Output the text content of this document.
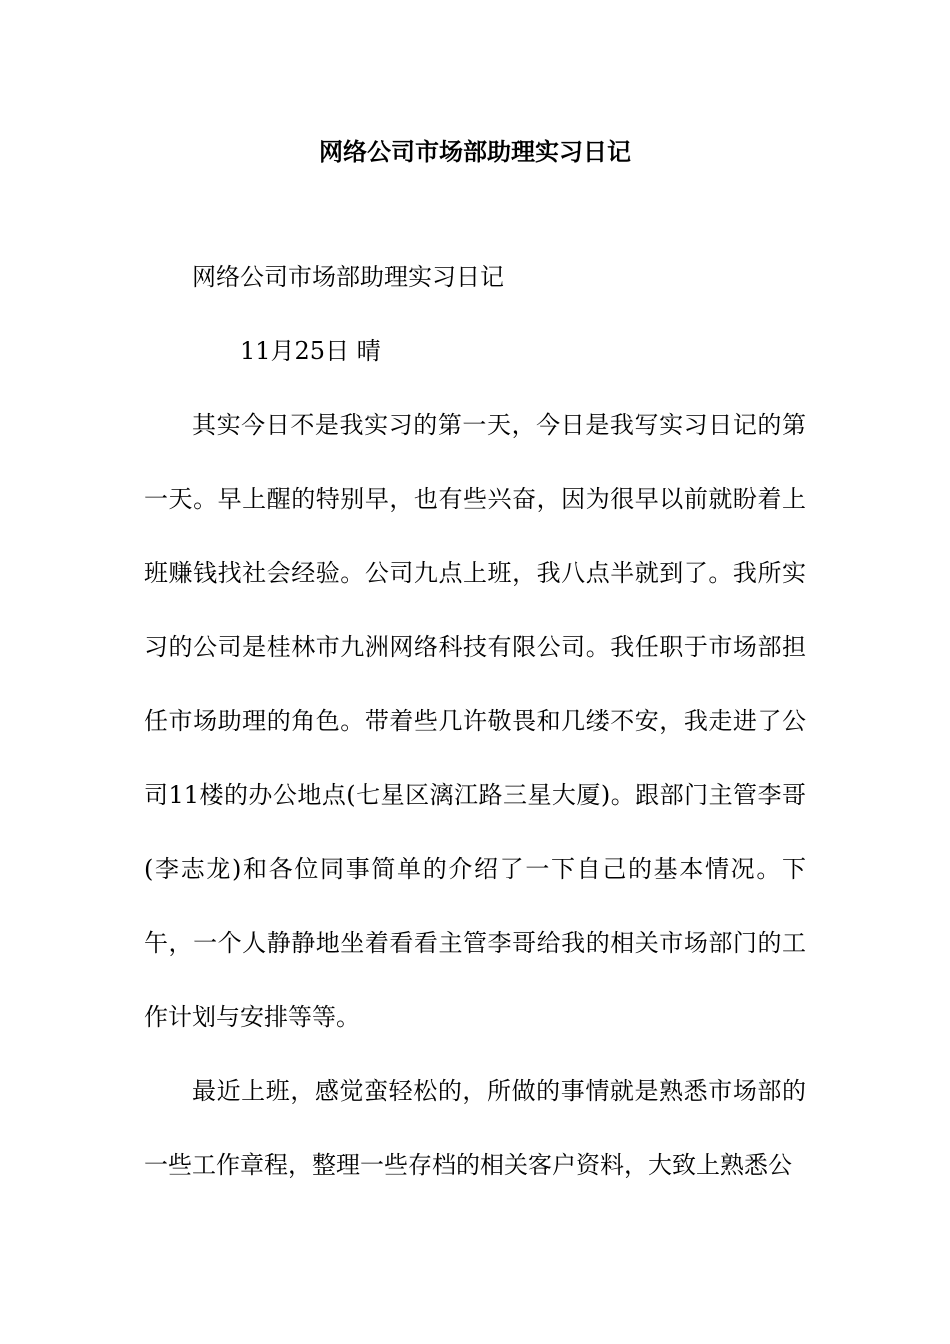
网络公司市场部助理实习日记

网络公司市场部助理实习日记

11月25日 晴

其实今日不是我实习的第一天，今日是我写实习日记的第一天。早上醒的特别早，也有些兴奋，因为很早以前就盼着上班赚钱找社会经验。公司九点上班，我八点半就到了。我所实习的公司是桂林市九洲网络科技有限公司。我任职于市场部担任市场助理的角色。带着些几许敬畏和几缕不安，我走进了公司11楼的办公地点(七星区漓江路三星大厦)。跟部门主管李哥(李志龙)和各位同事简单的介绍了一下自己的基本情况。下午，一个人静静地坐着看看主管李哥给我的相关市场部门的工作计划与安排等等。

最近上班，感觉蛮轻松的，所做的事情就是熟悉市场部的一些工作章程，整理一些存档的相关客户资料，大致上熟悉公
